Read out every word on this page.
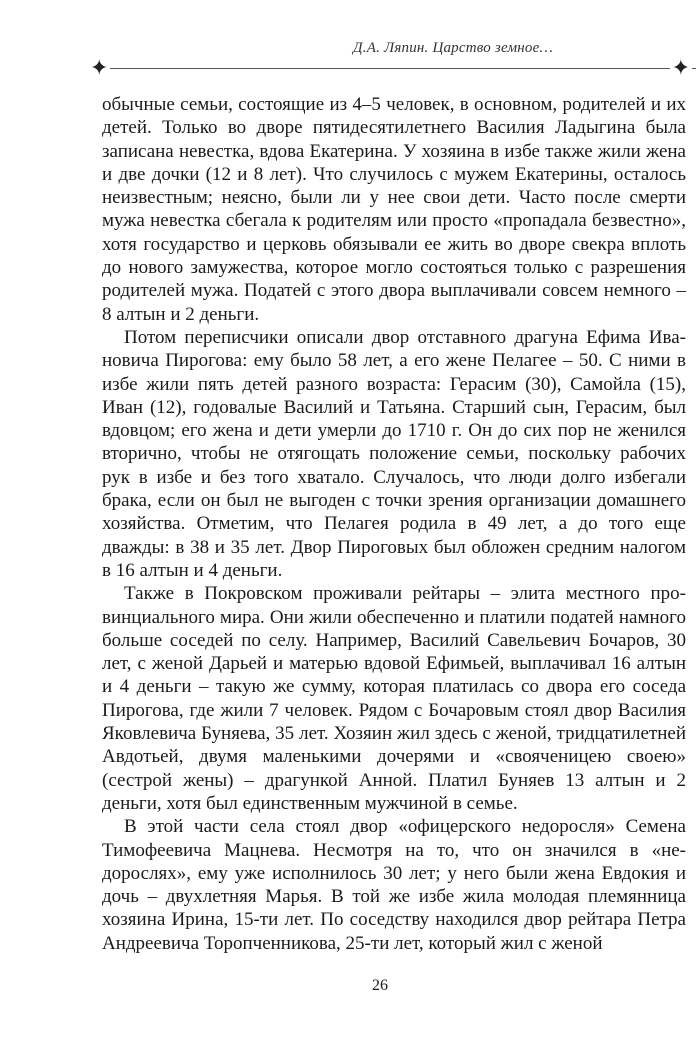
✦
Д.А. Ляпин. Царство земное…
✦

обычные семьи, состоящие из 4–5 человек, в основном, родителей и их детей. Только во дворе пятидесятилетнего Василия Ладыгина была записана невестка, вдова Екатерина. У хозяина в избе также жили жена и две дочки (12 и 8 лет). Что случилось с мужем Екатерины, осталось неизвестным; неясно, были ли у нее свои дети. Часто после смерти мужа невестка сбегала к родителям или просто «пропадала безвестно», хотя государство и церковь обязывали ее жить во дворе свекра вплоть до нового замужества, которое могло состояться только с разрешения родителей мужа. Податей с этого двора выплачивали совсем немного – 8 алтын и 2 деньги.

Потом переписчики описали двор отставного драгуна Ефима Ивановича Пирогова: ему было 58 лет, а его жене Пелагее – 50. С ними в избе жили пять детей разного возраста: Герасим (30), Самойла (15), Иван (12), годовалые Василий и Татьяна. Старший сын, Герасим, был вдовцом; его жена и дети умерли до 1710 г. Он до сих пор не женился вторично, чтобы не отягощать положение семьи, поскольку рабочих рук в избе и без того хватало. Случалось, что люди долго избегали брака, если он был не выгоден с точки зрения организации домашнего хозяйства. Отметим, что Пелагея родила в 49 лет, а до того еще дважды: в 38 и 35 лет. Двор Пироговых был обложен средним налогом в 16 алтын и 4 деньги.

Также в Покровском проживали рейтары – элита местного провинциального мира. Они жили обеспеченно и платили податей намного больше соседей по селу. Например, Василий Савельевич Бочаров, 30 лет, с женой Дарьей и матерью вдовой Ефимьей, выплачивал 16 алтын и 4 деньги – такую же сумму, которая платилась со двора его соседа Пирогова, где жили 7 человек. Рядом с Бочаровым стоял двор Василия Яковлевича Буняева, 35 лет. Хозяин жил здесь с женой, тридцатилетней Авдотьей, двумя маленькими дочерями и «свояченицею своею» (сестрой жены) – драгункой Анной. Платил Буняев 13 алтын и 2 деньги, хотя был единственным мужчиной в семье.

В этой части села стоял двор «офицерского недоросля» Семена Тимофеевича Мацнева. Несмотря на то, что он значился в «недорослях», ему уже исполнилось 30 лет; у него были жена Евдокия и дочь – двухлетняя Марья. В той же избе жила молодая племянница хозяина Ирина, 15-ти лет. По соседству находился двор рейтара Петра Андреевича Торопченникова, 25-ти лет, который жил с женой

26
